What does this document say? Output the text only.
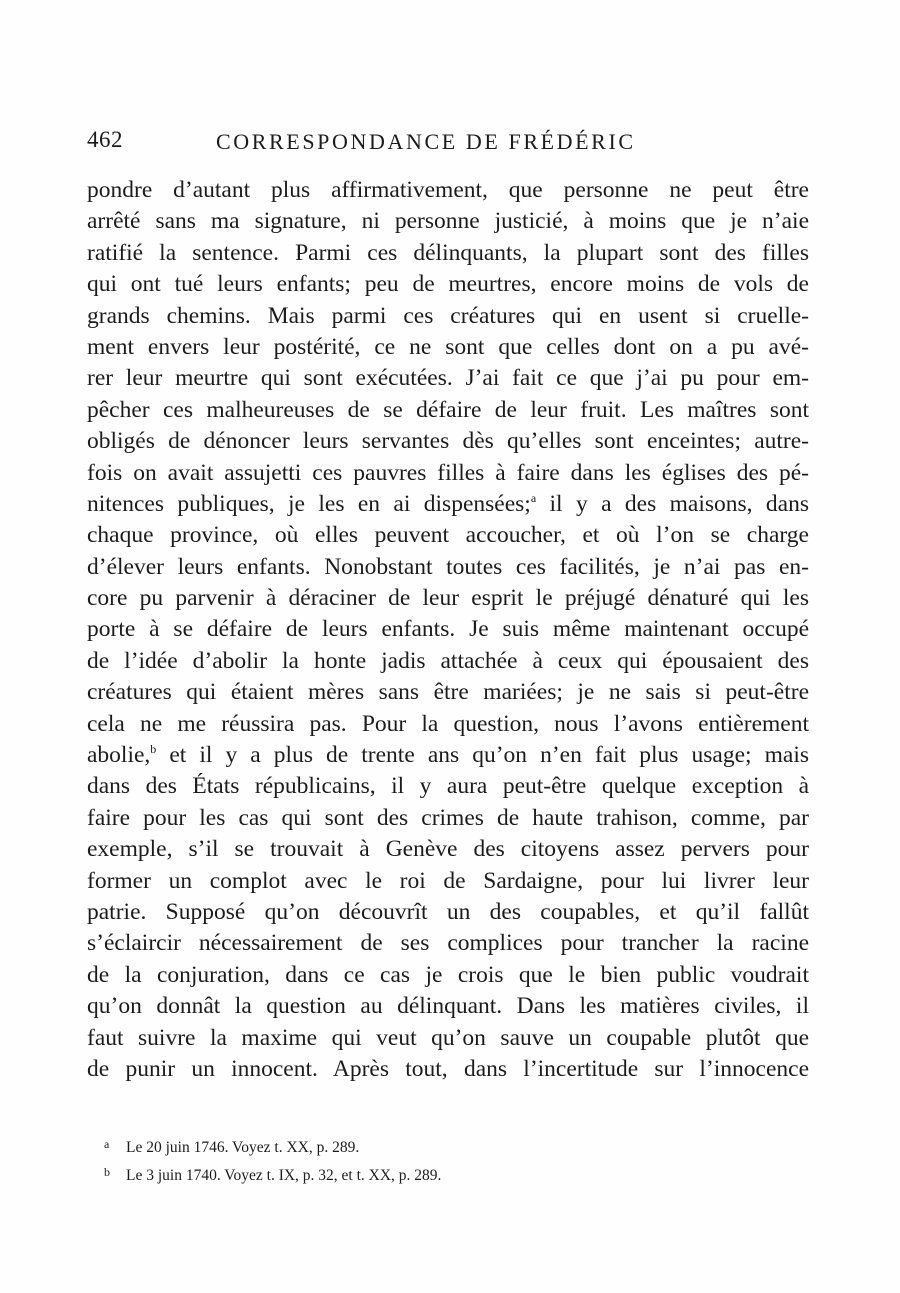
462	CORRESPONDANCE DE FRÉDÉRIC
pondre d’autant plus affirmativement, que personne ne peut être
arrêté sans ma signature, ni personne justicié, à moins que je n’aie
ratifié la sentence. Parmi ces délinquants, la plupart sont des filles
qui ont tué leurs enfants; peu de meurtres, encore moins de vols de
grands chemins. Mais parmi ces créatures qui en usent si cruelle-
ment envers leur postérité, ce ne sont que celles dont on a pu avé-
rer leur meurtre qui sont exécutées. J’ai fait ce que j’ai pu pour em-
pêcher ces malheureuses de se défaire de leur fruit. Les maîtres sont
obligés de dénoncer leurs servantes dès qu’elles sont enceintes; autre-
fois on avait assujetti ces pauvres filles à faire dans les églises des pé-
nitences publiques, je les en ai dispensées;$^a$ il y a des maisons, dans
chaque province, où elles peuvent accoucher, et où l’on se charge
d’élever leurs enfants. Nonobstant toutes ces facilités, je n’ai pas en-
core pu parvenir à déraciner de leur esprit le préjugé dénaturé qui les
porte à se défaire de leurs enfants. Je suis même maintenant occupé
de l’idée d’abolir la honte jadis attachée à ceux qui épousaient des
créatures qui étaient mères sans être mariées; je ne sais si peut-être
cela ne me réussira pas. Pour la question, nous l’avons entièrement
abolie,$^b$ et il y a plus de trente ans qu’on n’en fait plus usage; mais
dans des États républicains, il y aura peut-être quelque exception à
faire pour les cas qui sont des crimes de haute trahison, comme, par
exemple, s’il se trouvait à Genève des citoyens assez pervers pour
former un complot avec le roi de Sardaigne, pour lui livrer leur
patrie. Supposé qu’on découvrît un des coupables, et qu’il fallût
s’éclaircir nécessairement de ses complices pour trancher la racine
de la conjuration, dans ce cas je crois que le bien public voudrait
qu’on donnât la question au délinquant. Dans les matières civiles, il
faut suivre la maxime qui veut qu’on sauve un coupable plutôt que
de punir un innocent. Après tout, dans l’incertitude sur l’innocence
a Le 20 juin 1746. Voyez t. XX, p. 289.
b Le 3 juin 1740. Voyez t. IX, p. 32, et t. XX, p. 289.
